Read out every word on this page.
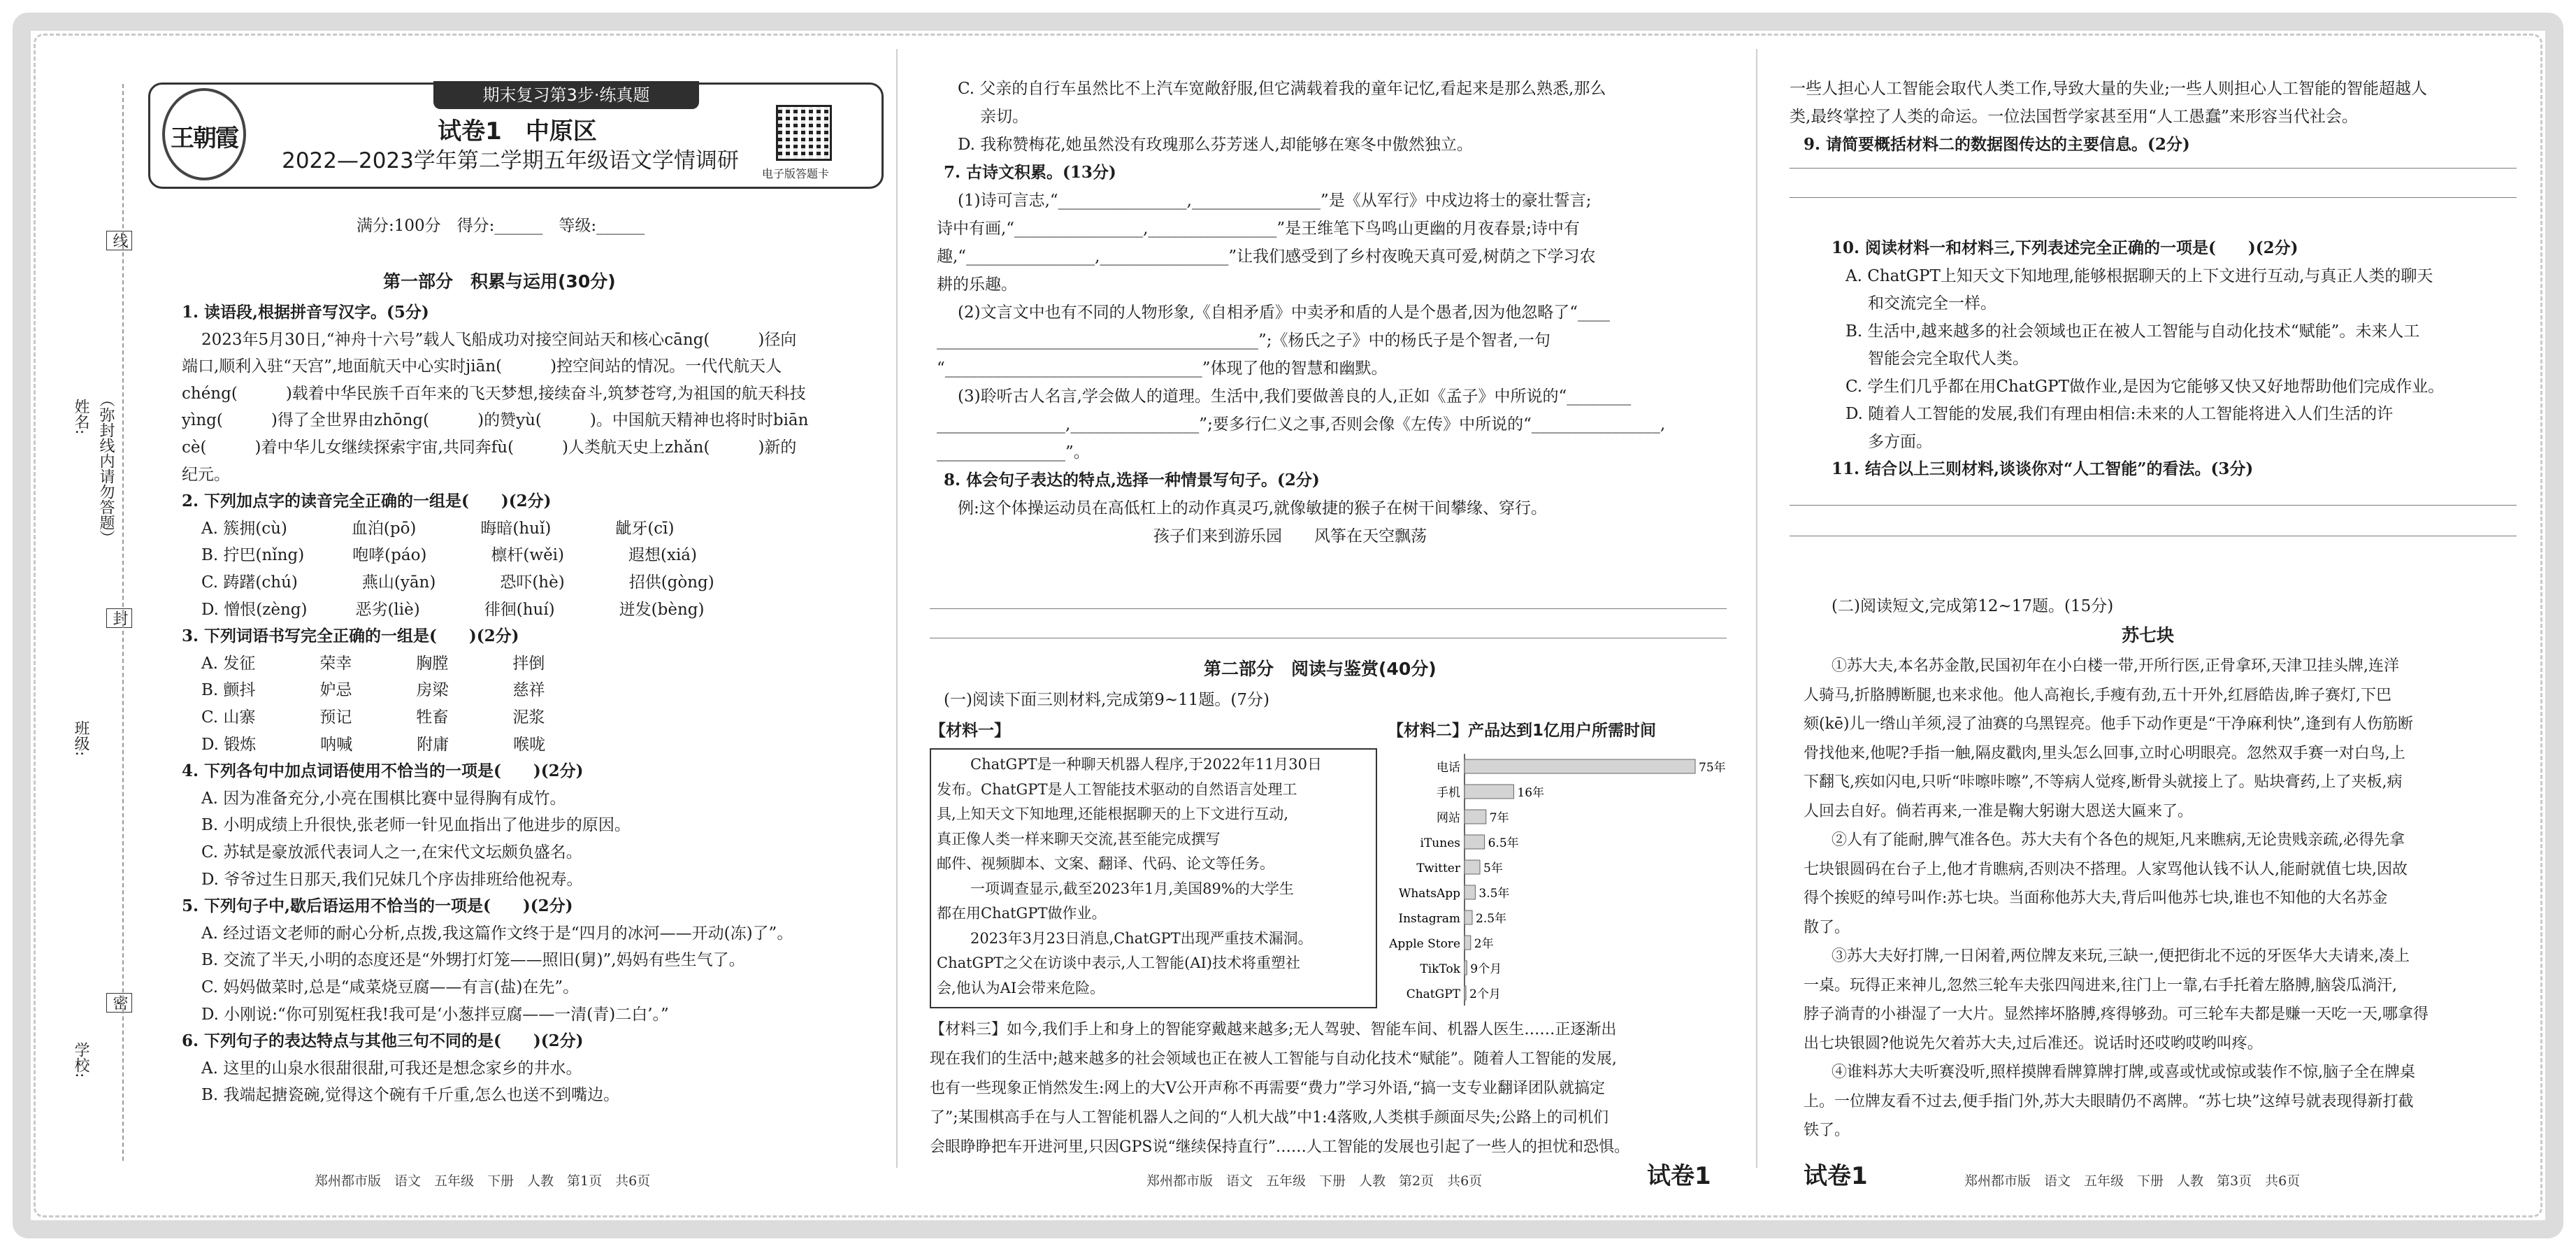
姓名: （弥封线内请勿答题）
班级:
学校:
线
封
密
期末复习第3步·练真题
王朝霞	试卷1　中原区
2022—2023学年第二学期五年级语文学情调研
电子版答题卡
满分:100分　得分:______　等级:______
第一部分　积累与运用(30分)
1. 读语段,根据拼音写汉字。(5分)
2023年5月30日,“神舟十六号”载人飞船成功对接空间站天和核心cāng(　　　)径向
端口,顺利入驻“天宫”,地面航天中心实时jiān(　　　)控空间站的情况。一代代航天人
chéng(　　　)载着中华民族千百年来的飞天梦想,接续奋斗,筑梦苍穹,为祖国的航天科技
yìng(　　　)得了全世界由zhōng(　　　)的赞yù(　　　)。中国航天精神也将时时biān
cè(　　　)着中华儿女继续探索宇宙,共同奔fù(　　　)人类航天史上zhǎn(　　　)新的
纪元。
2. 下列加点字的读音完全正确的一组是(　　)(2分)
A. 簇拥(cù)　　　　血泊(pō)　　　　晦暗(huǐ)　　　　龇牙(cī)
B. 拧巴(nǐng)　　　咆哮(páo)　　　　檩杆(wěi)　　　　遐想(xiá)
C. 踌躇(chú)　　　　燕山(yān)　　　　恐吓(hè)　　　　招供(gòng)
D. 憎恨(zèng)　　　恶劣(liè)　　　　徘徊(huí)　　　　迸发(bèng)
3. 下列词语书写完全正确的一组是(　　)(2分)
A. 发征　　　　荣幸　　　　胸膛　　　　拌倒
B. 颤抖　　　　妒忌　　　　房梁　　　　慈祥
C. 山寨　　　　预记　　　　牲畜　　　　泥浆
D. 锻炼　　　　呐喊　　　　附庸　　　　喉咙
4. 下列各句中加点词语使用不恰当的一项是(　　)(2分)
A. 因为准备充分,小亮在围棋比赛中显得胸有成竹。
B. 小明成绩上升很快,张老师一针见血指出了他进步的原因。
C. 苏轼是豪放派代表词人之一,在宋代文坛颇负盛名。
D. 爷爷过生日那天,我们兄妹几个序齿排班给他祝寿。
5. 下列句子中,歇后语运用不恰当的一项是(　　)(2分)
A. 经过语文老师的耐心分析,点拨,我这篇作文终于是“四月的冰河——开动(冻)了”。
B. 交流了半天,小明的态度还是“外甥打灯笼——照旧(舅)”,妈妈有些生气了。
C. 妈妈做菜时,总是“咸菜烧豆腐——有言(盐)在先”。
D. 小刚说:“你可别冤枉我!我可是‘小葱拌豆腐——一清(青)二白’。”
6. 下列句子的表达特点与其他三句不同的是(　　)(2分)
A. 这里的山泉水很甜很甜,可我还是想念家乡的井水。
B. 我端起搪瓷碗,觉得这个碗有千斤重,怎么也送不到嘴边。
郑州都市版　语文　五年级　下册　人教　第1页　共6页
C. 父亲的自行车虽然比不上汽车宽敞舒服,但它满载着我的童年记忆,看起来是那么熟悉,那么
亲切。
D. 我称赞梅花,她虽然没有玫瑰那么芬芳迷人,却能够在寒冬中傲然独立。
7. 古诗文积累。(13分)
(1)诗可言志,“________________,________________”是《从军行》中戍边将士的豪壮誓言;
诗中有画,“________________,________________”是王维笔下鸟鸣山更幽的月夜春景;诗中有
趣,“________________,________________”让我们感受到了乡村夜晚天真可爱,树荫之下学习农
耕的乐趣。
(2)文言文中也有不同的人物形象,《自相矛盾》中卖矛和盾的人是个愚者,因为他忽略了“____
________________________________________”;《杨氏之子》中的杨氏子是个智者,一句
“________________________________”体现了他的智慧和幽默。
(3)聆听古人名言,学会做人的道理。生活中,我们要做善良的人,正如《孟子》中所说的“________
________________,________________”;要多行仁义之事,否则会像《左传》中所说的“________________,
________________”。
8. 体会句子表达的特点,选择一种情景写句子。(2分)
例:这个体操运动员在高低杠上的动作真灵巧,就像敏捷的猴子在树干间攀缘、穿行。
孩子们来到游乐园　　风筝在天空飘荡
第二部分　阅读与鉴赏(40分)
(一)阅读下面三则材料,完成第9~11题。(7分)
【材料一】
ChatGPT是一种聊天机器人程序,于2022年11月30日
发布。ChatGPT是人工智能技术驱动的自然语言处理工
具,上知天文下知地理,还能根据聊天的上下文进行互动,
真正像人类一样来聊天交流,甚至能完成撰写
邮件、视频脚本、文案、翻译、代码、论文等任务。
一项调查显示,截至2023年1月,美国89%的大学生
都在用ChatGPT做作业。
2023年3月23日消息,ChatGPT出现严重技术漏洞。
ChatGPT之父在访谈中表示,人工智能(AI)技术将重塑社
会,他认为AI会带来危险。
【材料二】产品达到1亿用户所需时间
电话	75年
手机	16年
网站 7年
iTunes 6.5年
Twitter 5年
WhatsApp 3.5年
Instagram 2.5年
Apple Store 2年
TikTok 9个月
ChatGPT 2个月
【材料三】如今,我们手上和身上的智能穿戴越来越多;无人驾驶、智能车间、机器人医生……正逐渐出
现在我们的生活中;越来越多的社会领域也正在被人工智能与自动化技术“赋能”。随着人工智能的发展,
也有一些现象正悄然发生:网上的大V公开声称不再需要“费力”学习外语,“搞一支专业翻译团队就搞定
了”;某围棋高手在与人工智能机器人之间的“人机大战”中1:4落败,人类棋手颜面尽失;公路上的司机们
会眼睁睁把车开进河里,只因GPS说“继续保持直行”……人工智能的发展也引起了一些人的担忧和恐惧。
郑州都市版　语文　五年级　下册　人教　第2页　共6页	试卷1
一些人担心人工智能会取代人类工作,导致大量的失业;一些人则担心人工智能的智能超越人
类,最终掌控了人类的命运。一位法国哲学家甚至用“人工愚蠢”来形容当代社会。
9. 请简要概括材料二的数据图传达的主要信息。(2分)
10. 阅读材料一和材料三,下列表述完全正确的一项是(　　)(2分)
A. ChatGPT上知天文下知地理,能够根据聊天的上下文进行互动,与真正人类的聊天
和交流完全一样。
B. 生活中,越来越多的社会领域也正在被人工智能与自动化技术“赋能”。未来人工
智能会完全取代人类。
C. 学生们几乎都在用ChatGPT做作业,是因为它能够又快又好地帮助他们完成作业。
D. 随着人工智能的发展,我们有理由相信:未来的人工智能将进入人们生活的许
多方面。
11. 结合以上三则材料,谈谈你对“人工智能”的看法。(3分)
(二)阅读短文,完成第12~17题。(15分)
苏七块
①苏大夫,本名苏金散,民国初年在小白楼一带,开所行医,正骨拿环,天津卫挂头牌,连洋
人骑马,折胳膊断腿,也来求他。他人高袍长,手瘦有劲,五十开外,红唇皓齿,眸子赛灯,下巴
颏(kē)儿一绺山羊须,浸了油赛的乌黑锃亮。他手下动作更是“干净麻利快”,逢到有人伤筋断
骨找他来,他呢?手指一触,隔皮戳肉,里头怎么回事,立时心明眼亮。忽然双手赛一对白鸟,上
下翻飞,疾如闪电,只听“咔嚓咔嚓”,不等病人觉疼,断骨头就接上了。贴块膏药,上了夹板,病
人回去自好。倘若再来,一准是鞠大躬谢大恩送大匾来了。
②人有了能耐,脾气准各色。苏大夫有个各色的规矩,凡来瞧病,无论贵贱亲疏,必得先拿
七块银圆码在台子上,他才肯瞧病,否则决不搭理。人家骂他认钱不认人,能耐就值七块,因故
得个挨贬的绰号叫作:苏七块。当面称他苏大夫,背后叫他苏七块,谁也不知他的大名苏金
散了。
③苏大夫好打牌,一日闲着,两位牌友来玩,三缺一,便把街北不远的牙医华大夫请来,凑上
一桌。玩得正来神儿,忽然三轮车夫张四闯进来,往门上一靠,右手托着左胳膊,脑袋瓜淌汗,
脖子淌青的小褂湿了一大片。显然摔坏胳膊,疼得够劲。可三轮车夫都是赚一天吃一天,哪拿得
出七块银圆?他说先欠着苏大夫,过后准还。说话时还哎哟哎哟叫疼。
④谁料苏大夫听赛没听,照样摸牌看牌算牌打牌,或喜或忧或惊或装作不惊,脑子全在牌桌
上。一位牌友看不过去,便手指门外,苏大夫眼睛仍不离牌。“苏七块”这绰号就表现得新打截
铁了。
郑州都市版　语文　五年级　下册　人教　第3页　共6页
试卷1
